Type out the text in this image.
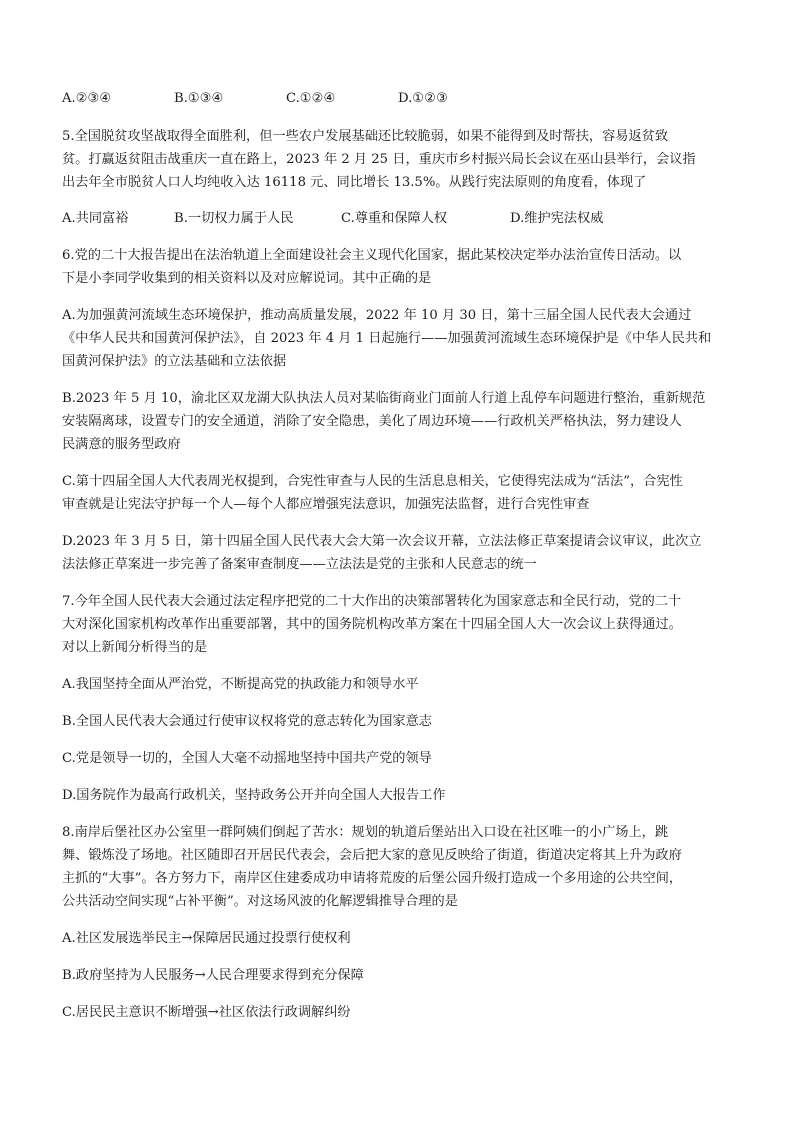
A.②③④	B.①③④	C.①②④	D.①②③
5.全国脱贫攻坚战取得全面胜利，但一些农户发展基础还比较脆弱，如果不能得到及时帮扶，容易返贫致
贫。打赢返贫阻击战重庆一直在路上，2023 年 2 月 25 日，重庆市乡村振兴局长会议在巫山县举行，会议指
出去年全市脱贫人口人均纯收入达 16118 元、同比增长 13.5%。从践行宪法原则的角度看，体现了
A.共同富裕	B.一切权力属于人民	C.尊重和保障人权	D.维护宪法权威
6.党的二十大报告提出在法治轨道上全面建设社会主义现代化国家，据此某校决定举办法治宣传日活动。以
下是小李同学收集到的相关资料以及对应解说词。其中正确的是
A.为加强黄河流域生态环境保护，推动高质量发展，2022 年 10 月 30 日，第十三届全国人民代表大会通过
《中华人民共和国黄河保护法》，自 2023 年 4 月 1 日起施行——加强黄河流域生态环境保护是《中华人民共和
国黄河保护法》的立法基础和立法依据
B.2023 年 5 月 10，渝北区双龙湖大队执法人员对某临街商业门面前人行道上乱停车问题进行整治，重新规范
安装隔离球，设置专门的安全通道，消除了安全隐患，美化了周边环境——行政机关严格执法，努力建设人
民满意的服务型政府
C.第十四届全国人大代表周光权提到，合宪性审查与人民的生活息息相关，它使得宪法成为“活法”，合宪性
审查就是让宪法守护每一个人—每个人都应增强宪法意识，加强宪法监督，进行合宪性审查
D.2023 年 3 月 5 日，第十四届全国人民代表大会大第一次会议开幕，立法法修正草案提请会议审议，此次立
法法修正草案进一步完善了备案审查制度——立法法是党的主张和人民意志的统一
7.今年全国人民代表大会通过法定程序把党的二十大作出的决策部署转化为国家意志和全民行动，党的二十
大对深化国家机构改革作出重要部署，其中的国务院机构改革方案在十四届全国人大一次会议上获得通过。
对以上新闻分析得当的是
A.我国坚持全面从严治党，不断提高党的执政能力和领导水平
B.全国人民代表大会通过行使审议权将党的意志转化为国家意志
C.党是领导一切的，全国人大毫不动摇地坚持中国共产党的领导
D.国务院作为最高行政机关，坚持政务公开并向全国人大报告工作
8.南岸后堡社区办公室里一群阿姨们倒起了苦水：规划的轨道后堡站出入口设在社区唯一的小广场上，跳
舞、锻炼没了场地。社区随即召开居民代表会，会后把大家的意见反映给了街道，街道决定将其上升为政府
主抓的“大事”。各方努力下，南岸区住建委成功申请将荒废的后堡公园升级打造成一个多用途的公共空间，
公共活动空间实现“占补平衡”。对这场风波的化解逻辑推导合理的是
A.社区发展选举民主→保障居民通过投票行使权利
B.政府坚持为人民服务→人民合理要求得到充分保障
C.居民民主意识不断增强→社区依法行政调解纠纷
